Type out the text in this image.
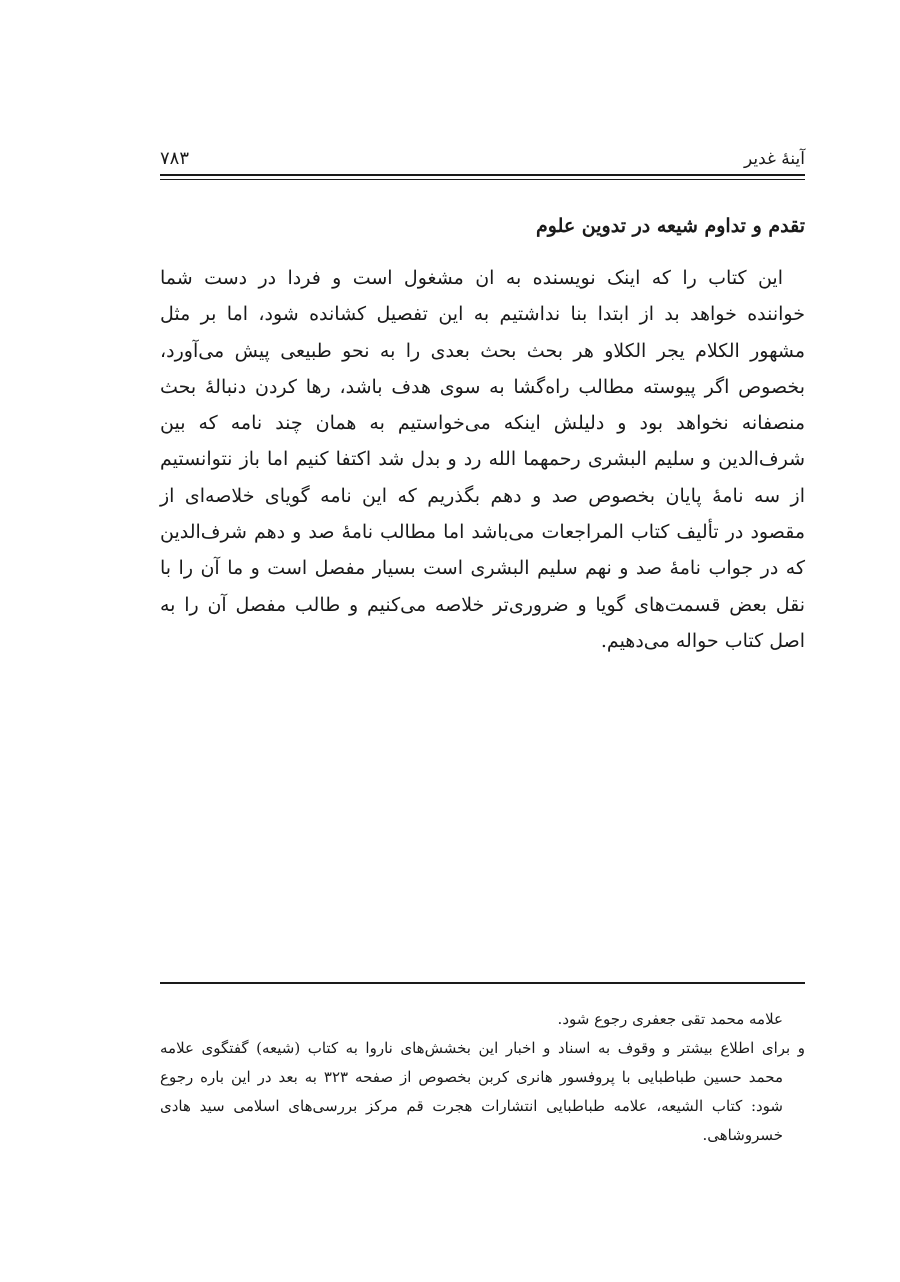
آینهٔ غدیر
۷۸۳
تقدم و تداوم شیعه در تدوین علوم
این کتاب را که اینک نویسنده به ان مشغول است و فردا در دست شما
خواننده خواهد بد از ابتدا بنا نداشتیم به این تفصیل کشانده شود، اما بر مثل
مشهور الکلام یجر الکلاو هر بحث بحث بعدی را به نحو طبیعی پیش می‌آورد،
بخصوص اگر پیوسته مطالب راه‌گشا به سوی هدف باشد، رها کردن دنبالهٔ بحث
منصفانه نخواهد بود و دلیلش اینکه می‌خواستیم به همان چند نامه که بین
شرف‌الدین و سلیم البشری رحمهما الله رد و بدل شد اکتفا کنیم اما باز نتوانستیم
از سه نامهٔ پایان بخصوص صد و دهم بگذریم که این نامه گویای خلاصه‌ای از
مقصود در تألیف کتاب المراجعات می‌باشد اما مطالب نامهٔ صد و دهم شرف‌الدین
که در جواب نامهٔ صد و نهم سلیم البشری است بسیار مفصل است و ما آن را با
نقل بعض قسمت‌های گویا و ضروری‌تر خلاصه می‌کنیم و طالب مفصل آن را به
اصل کتاب حواله می‌دهیم.
علامه محمد تقی جعفری رجوع شود.
و برای اطلاع بیشتر و وقوف به اسناد و اخبار این بخشش‌های ناروا به کتاب (شیعه) گفتگوی علامه
محمد حسین طباطبایی با پروفسور هانری کربن بخصوص از صفحه ۳۲۳ به بعد در این باره رجوع
شود: کتاب الشیعه، علامه طباطبایی انتشارات هجرت قم مرکز بررسی‌های اسلامی سید هادی
خسروشاهی.
